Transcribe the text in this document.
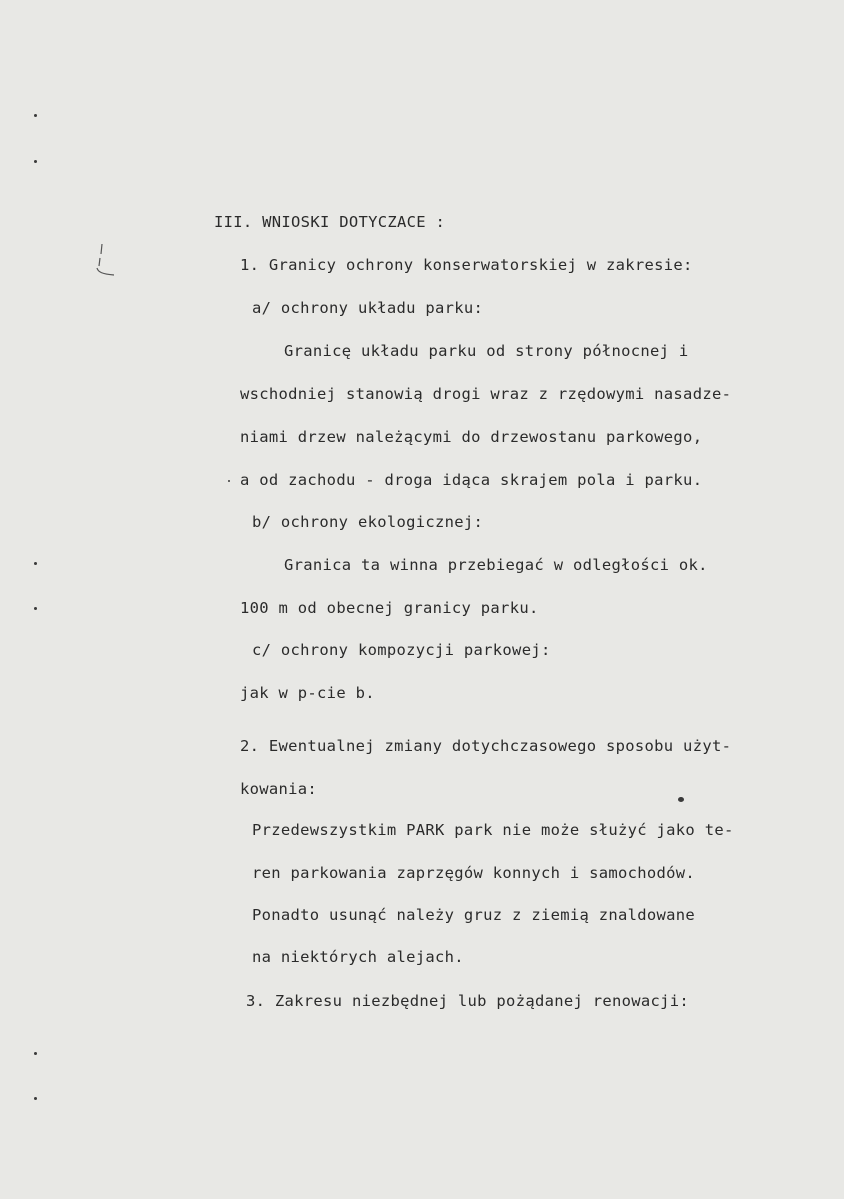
III. WNIOSKI DOTYCZACE :
1. Granicy ochrony konserwatorskiej w zakresie:
a/ ochrony układu parku:
Granicę układu parku od strony północnej i
wschodniej stanowią drogi wraz z rzędowymi nasadze-
niami drzew należącymi do drzewostanu parkowego,
a od zachodu - droga idąca skrajem pola i parku.
b/ ochrony ekologicznej:
Granica ta winna przebiegać w odległości ok.
100 m od obecnej granicy parku.
c/ ochrony kompozycji parkowej:
jak w p-cie b.
2. Ewentualnej zmiany dotychczasowego sposobu użyt-
kowania:
Przedewszystkim PARK park nie może służyć jako te-
ren parkowania zaprzęgów konnych i samochodów.
Ponadto usunąć należy gruz z ziemią znaldowane
na niektórych alejach.
3. Zakresu niezbędnej lub pożądanej renowacji:
